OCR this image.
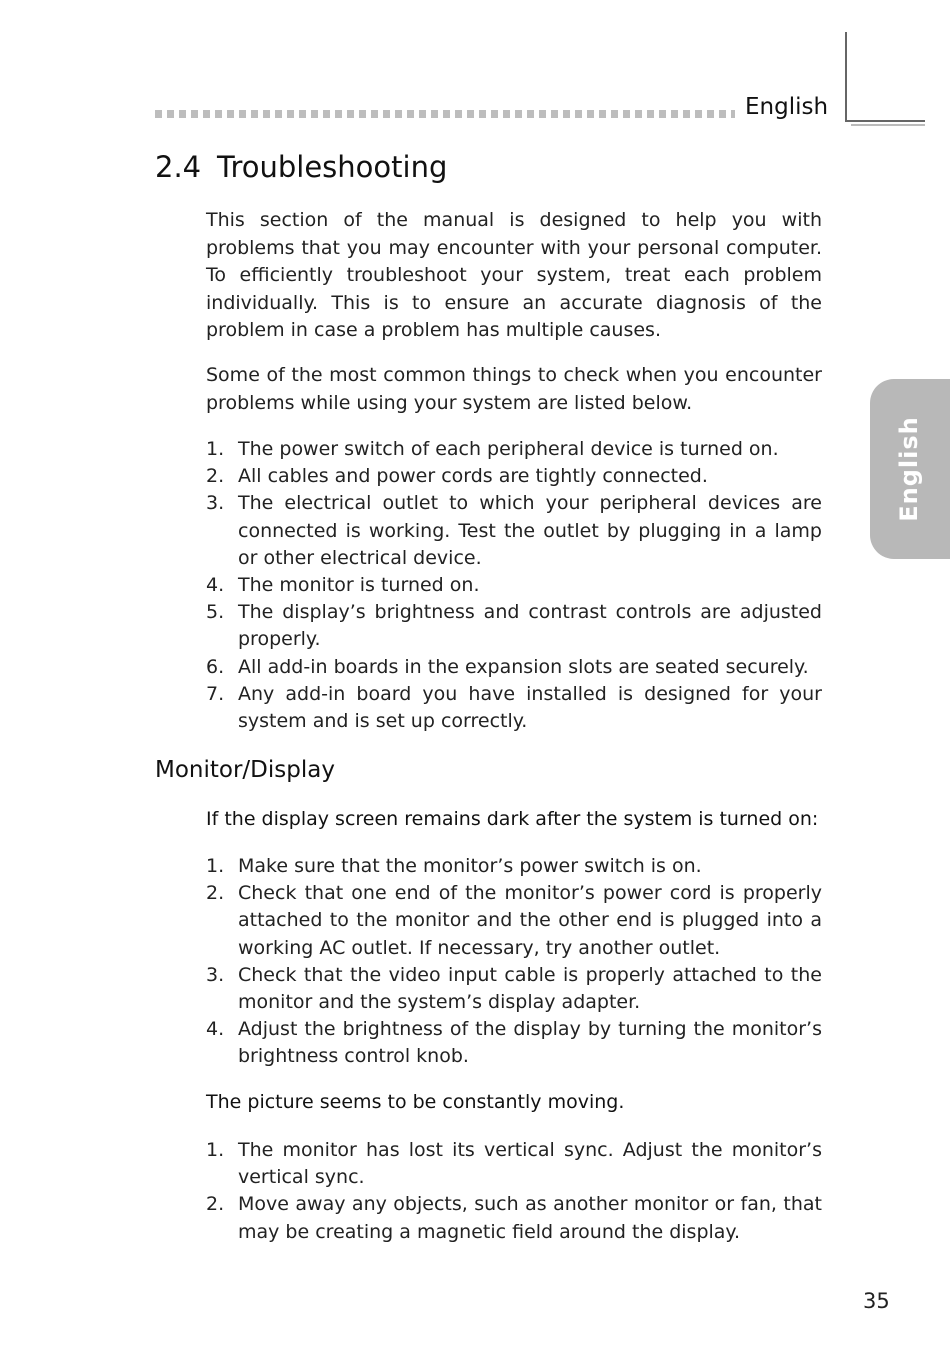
English
English
2.4 Troubleshooting
This section of the manual is designed to help you with problems that you may encounter with your personal computer. To efficiently troubleshoot your system, treat each problem individually. This is to ensure an accurate diagnosis of the problem in case a problem has multiple causes.
Some of the most common things to check when you encounter problems while using your system are listed below.
1. The power switch of each peripheral device is turned on.
2. All cables and power cords are tightly connected.
3. The electrical outlet to which your peripheral devices are connected is working. Test the outlet by plugging in a lamp or other electrical device.
4. The monitor is turned on.
5. The display’s brightness and contrast controls are adjusted properly.
6. All add-in boards in the expansion slots are seated securely.
7. Any add-in board you have installed is designed for your system and is set up correctly.
Monitor/Display
If the display screen remains dark after the system is turned on:
1. Make sure that the monitor’s power switch is on.
2. Check that one end of the monitor’s power cord is properly attached to the monitor and the other end is plugged into a working AC outlet. If necessary, try another outlet.
3. Check that the video input cable is properly attached to the monitor and the system’s display adapter.
4. Adjust the brightness of the display by turning the monitor’s brightness control knob.
The picture seems to be constantly moving.
1. The monitor has lost its vertical sync. Adjust the monitor’s vertical sync.
2. Move away any objects, such as another monitor or fan, that may be creating a magnetic field around the display.
35
